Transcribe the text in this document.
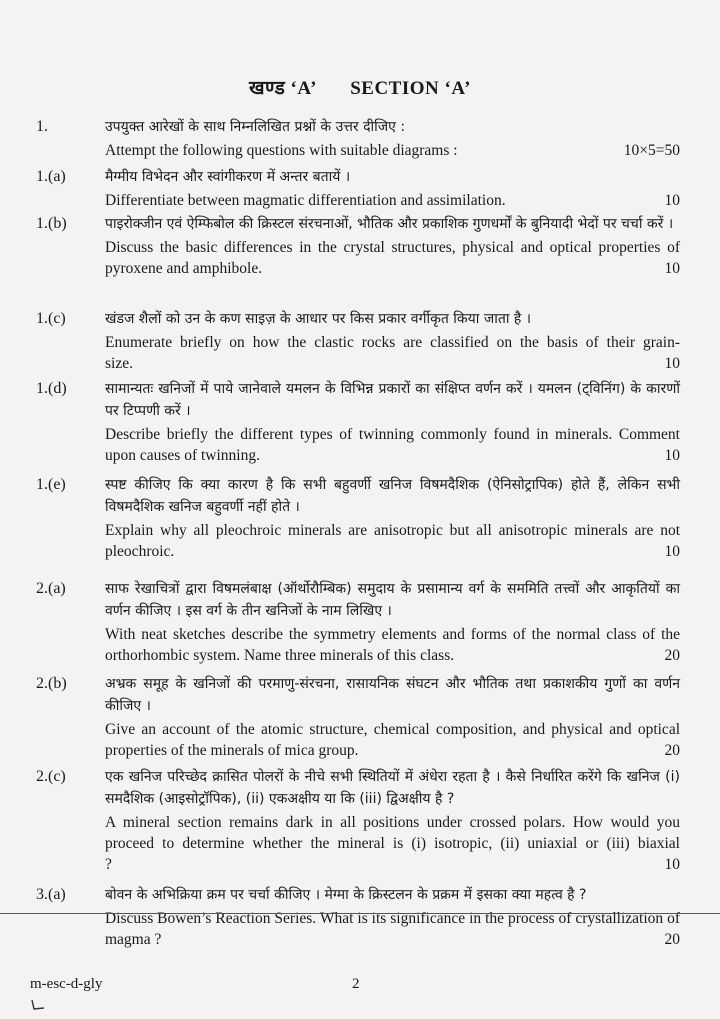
खण्ड ‘A’ SECTION ‘A’
1.	उपयुक्त आरेखों के साथ निम्नलिखित प्रश्नों के उत्तर दीजिए :
Attempt the following questions with suitable diagrams :	10×5=50
1.(a)	मैग्मीय विभेदन और स्वांगीकरण में अन्तर बतायें ।
Differentiate between magmatic differentiation and assimilation.	10
1.(b)	पाइरोक्जीन एवं ऐम्फिबोल की क्रिस्टल संरचनाओं, भौतिक और प्रकाशिक गुणधर्मों के बुनियादी भेदों पर चर्चा करें ।
Discuss the basic differences in the crystal structures, physical and optical properties of pyroxene and amphibole.	10
1.(c)	खंडज शैलों को उन के कण साइज़ के आधार पर किस प्रकार वर्गीकृत किया जाता है ।
Enumerate briefly on how the clastic rocks are classified on the basis of their grain-size.	10
1.(d)	सामान्यतः खनिजों में पाये जानेवाले यमलन के विभिन्न प्रकारों का संक्षिप्त वर्णन करें । यमलन (ट्विनिंग) के कारणों पर टिप्पणी करें ।
Describe briefly the different types of twinning commonly found in minerals. Comment upon causes of twinning.	10
1.(e)	स्पष्ट कीजिए कि क्या कारण है कि सभी बहुवर्णी खनिज विषमदैशिक (ऐनिसोट्रापिक) होते हैं, लेकिन सभी विषमदैशिक खनिज बहुवर्णी नहीं होते ।
Explain why all pleochroic minerals are anisotropic but all anisotropic minerals are not pleochroic.	10
2.(a)	साफ रेखाचित्रों द्वारा विषमलंबाक्ष (ऑर्थोरौम्बिक) समुदाय के प्रसामान्य वर्ग के सममिति तत्त्वों और आकृतियों का वर्णन कीजिए । इस वर्ग के तीन खनिजों के नाम लिखिए ।
With neat sketches describe the symmetry elements and forms of the normal class of the orthorhombic system. Name three minerals of this class.	20
2.(b)	अभ्रक समूह के खनिजों की परमाणु-संरचना, रासायनिक संघटन और भौतिक तथा प्रकाशकीय गुणों का वर्णन कीजिए ।
Give an account of the atomic structure, chemical composition, and physical and optical properties of the minerals of mica group.	20
2.(c)	एक खनिज परिच्छेद क्रासित पोलरों के नीचे सभी स्थितियों में अंधेरा रहता है । कैसे निर्धारित करेंगे कि खनिज (i) समदैशिक (आइसोट्रॉपिक), (ii) एकअक्षीय या कि (iii) द्विअक्षीय है ?
A mineral section remains dark in all positions under crossed polars. How would you proceed to determine whether the mineral is (i) isotropic, (ii) uniaxial or (iii) biaxial ?	10
3.(a)	बोवन के अभिक्रिया क्रम पर चर्चा कीजिए । मेग्मा के क्रिस्टलन के प्रक्रम में इसका क्या महत्व है ?
Discuss Bowen’s Reaction Series. What is its significance in the process of crystallization of magma ?	20
m-esc-d-gly	2
